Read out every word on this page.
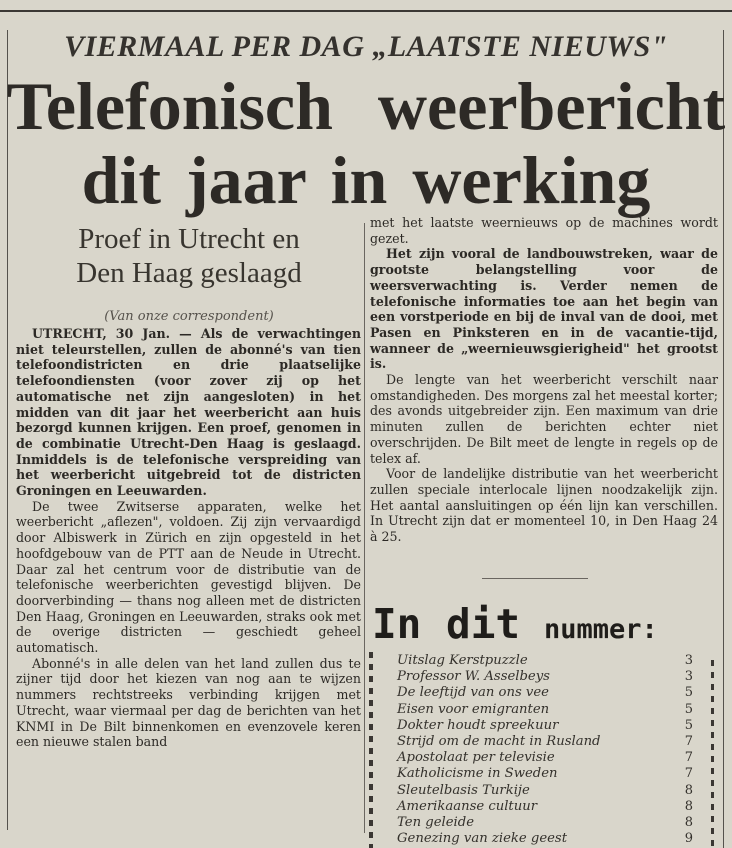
VIERMAAL PER DAG „LAATSTE NIEUWS"
Telefonisch weerbericht
dit jaar in werking
Proef in Utrecht en
Den Haag geslaagd
(Van onze correspondent)

UTRECHT, 30 Jan. — Als de verwachtingen niet teleurstellen, zullen de abonné's van tien telefoondistricten en drie plaatselijke telefoondiensten (voor zover zij op het automatische net zijn aangesloten) in het midden van dit jaar het weerbericht aan huis bezorgd kunnen krijgen. Een proef, genomen in de combinatie Utrecht-Den Haag is geslaagd. Inmiddels is de telefonische verspreiding van het weerbericht uitgebreid tot de districten Groningen en Leeuwarden.

De twee Zwitserse apparaten, welke het weerbericht „aflezen", voldoen. Zij zijn vervaardigd door Albiswerk in Zürich en zijn opgesteld in het hoofdgebouw van de PTT aan de Neude in Utrecht. Daar zal het centrum voor de distributie van de telefonische weerberichten gevestigd blijven. De doorverbinding — thans nog alleen met de districten Den Haag, Groningen en Leeuwarden, straks ook met de overige districten — geschiedt geheel automatisch.

Abonné's in alle delen van het land zullen dus te zijner tijd door het kiezen van nog aan te wijzen nummers rechtstreeks verbinding krijgen met Utrecht, waar viermaal per dag de berichten van het KNMI in De Bilt binnenkomen en evenzovele keren een nieuwe stalen band

met het laatste weernieuws op de machines wordt gezet.

Het zijn vooral de landbouwstreken, waar de grootste belangstelling voor de weersverwachting is. Verder nemen de telefonische informaties toe aan het begin van een vorstperiode en bij de inval van de dooi, met Pasen en Pinksteren en in de vacantie-tijd, wanneer de „weernieuwsgierigheid" het grootst is.

De lengte van het weerbericht verschilt naar omstandigheden. Des morgens zal het meestal korter; des avonds uitgebreider zijn. Een maximum van drie minuten zullen de berichten echter niet overschrijden. De Bilt meet de lengte in regels op de telex af.

Voor de landelijke distributie van het weerbericht zullen speciale interlocale lijnen noodzakelijk zijn. Het aantal aansluitingen op één lijn kan verschillen. In Utrecht zijn dat er momenteel 10, in Den Haag 24 à 25.

In dit nummer:
Uitslag Kerstpuzzle	3
Professor W. Asselbeys	3
De leeftijd van ons vee	5
Eisen voor emigranten	5
Dokter houdt spreekuur	5
Strijd om de macht in Rusland	7
Apostolaat per televisie	7
Katholicisme in Sweden	7
Sleutelbasis Turkije	8
Amerikaanse cultuur	8
Ten geleide	8
Genezing van zieke geest	9
